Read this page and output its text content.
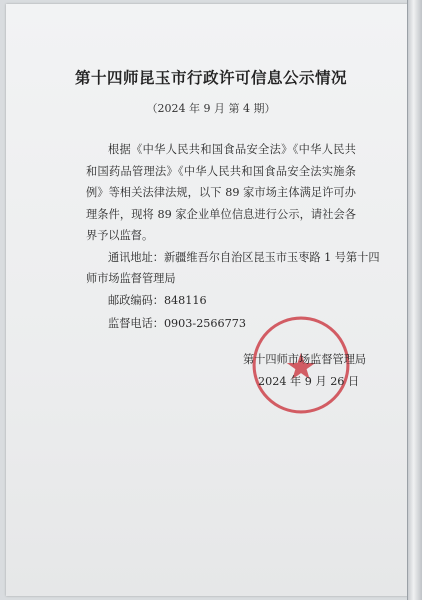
第十四师昆玉市行政许可信息公示情况
（2024 年 9 月 第 4 期）
根据《中华人民共和国食品安全法》《中华人民共和国药品管理法》《中华人民共和国食品安全法实施条例》等相关法律法规，以下 89 家市场主体满足许可办理条件，现将 89 家企业单位信息进行公示，请社会各界予以监督。
通讯地址：新疆维吾尔自治区昆玉市玉枣路 1 号第十四
师市场监督管理局
邮政编码：848116
监督电话：0903-2566773
第十四师市场监督管理局
2024 年 9 月 26 日
